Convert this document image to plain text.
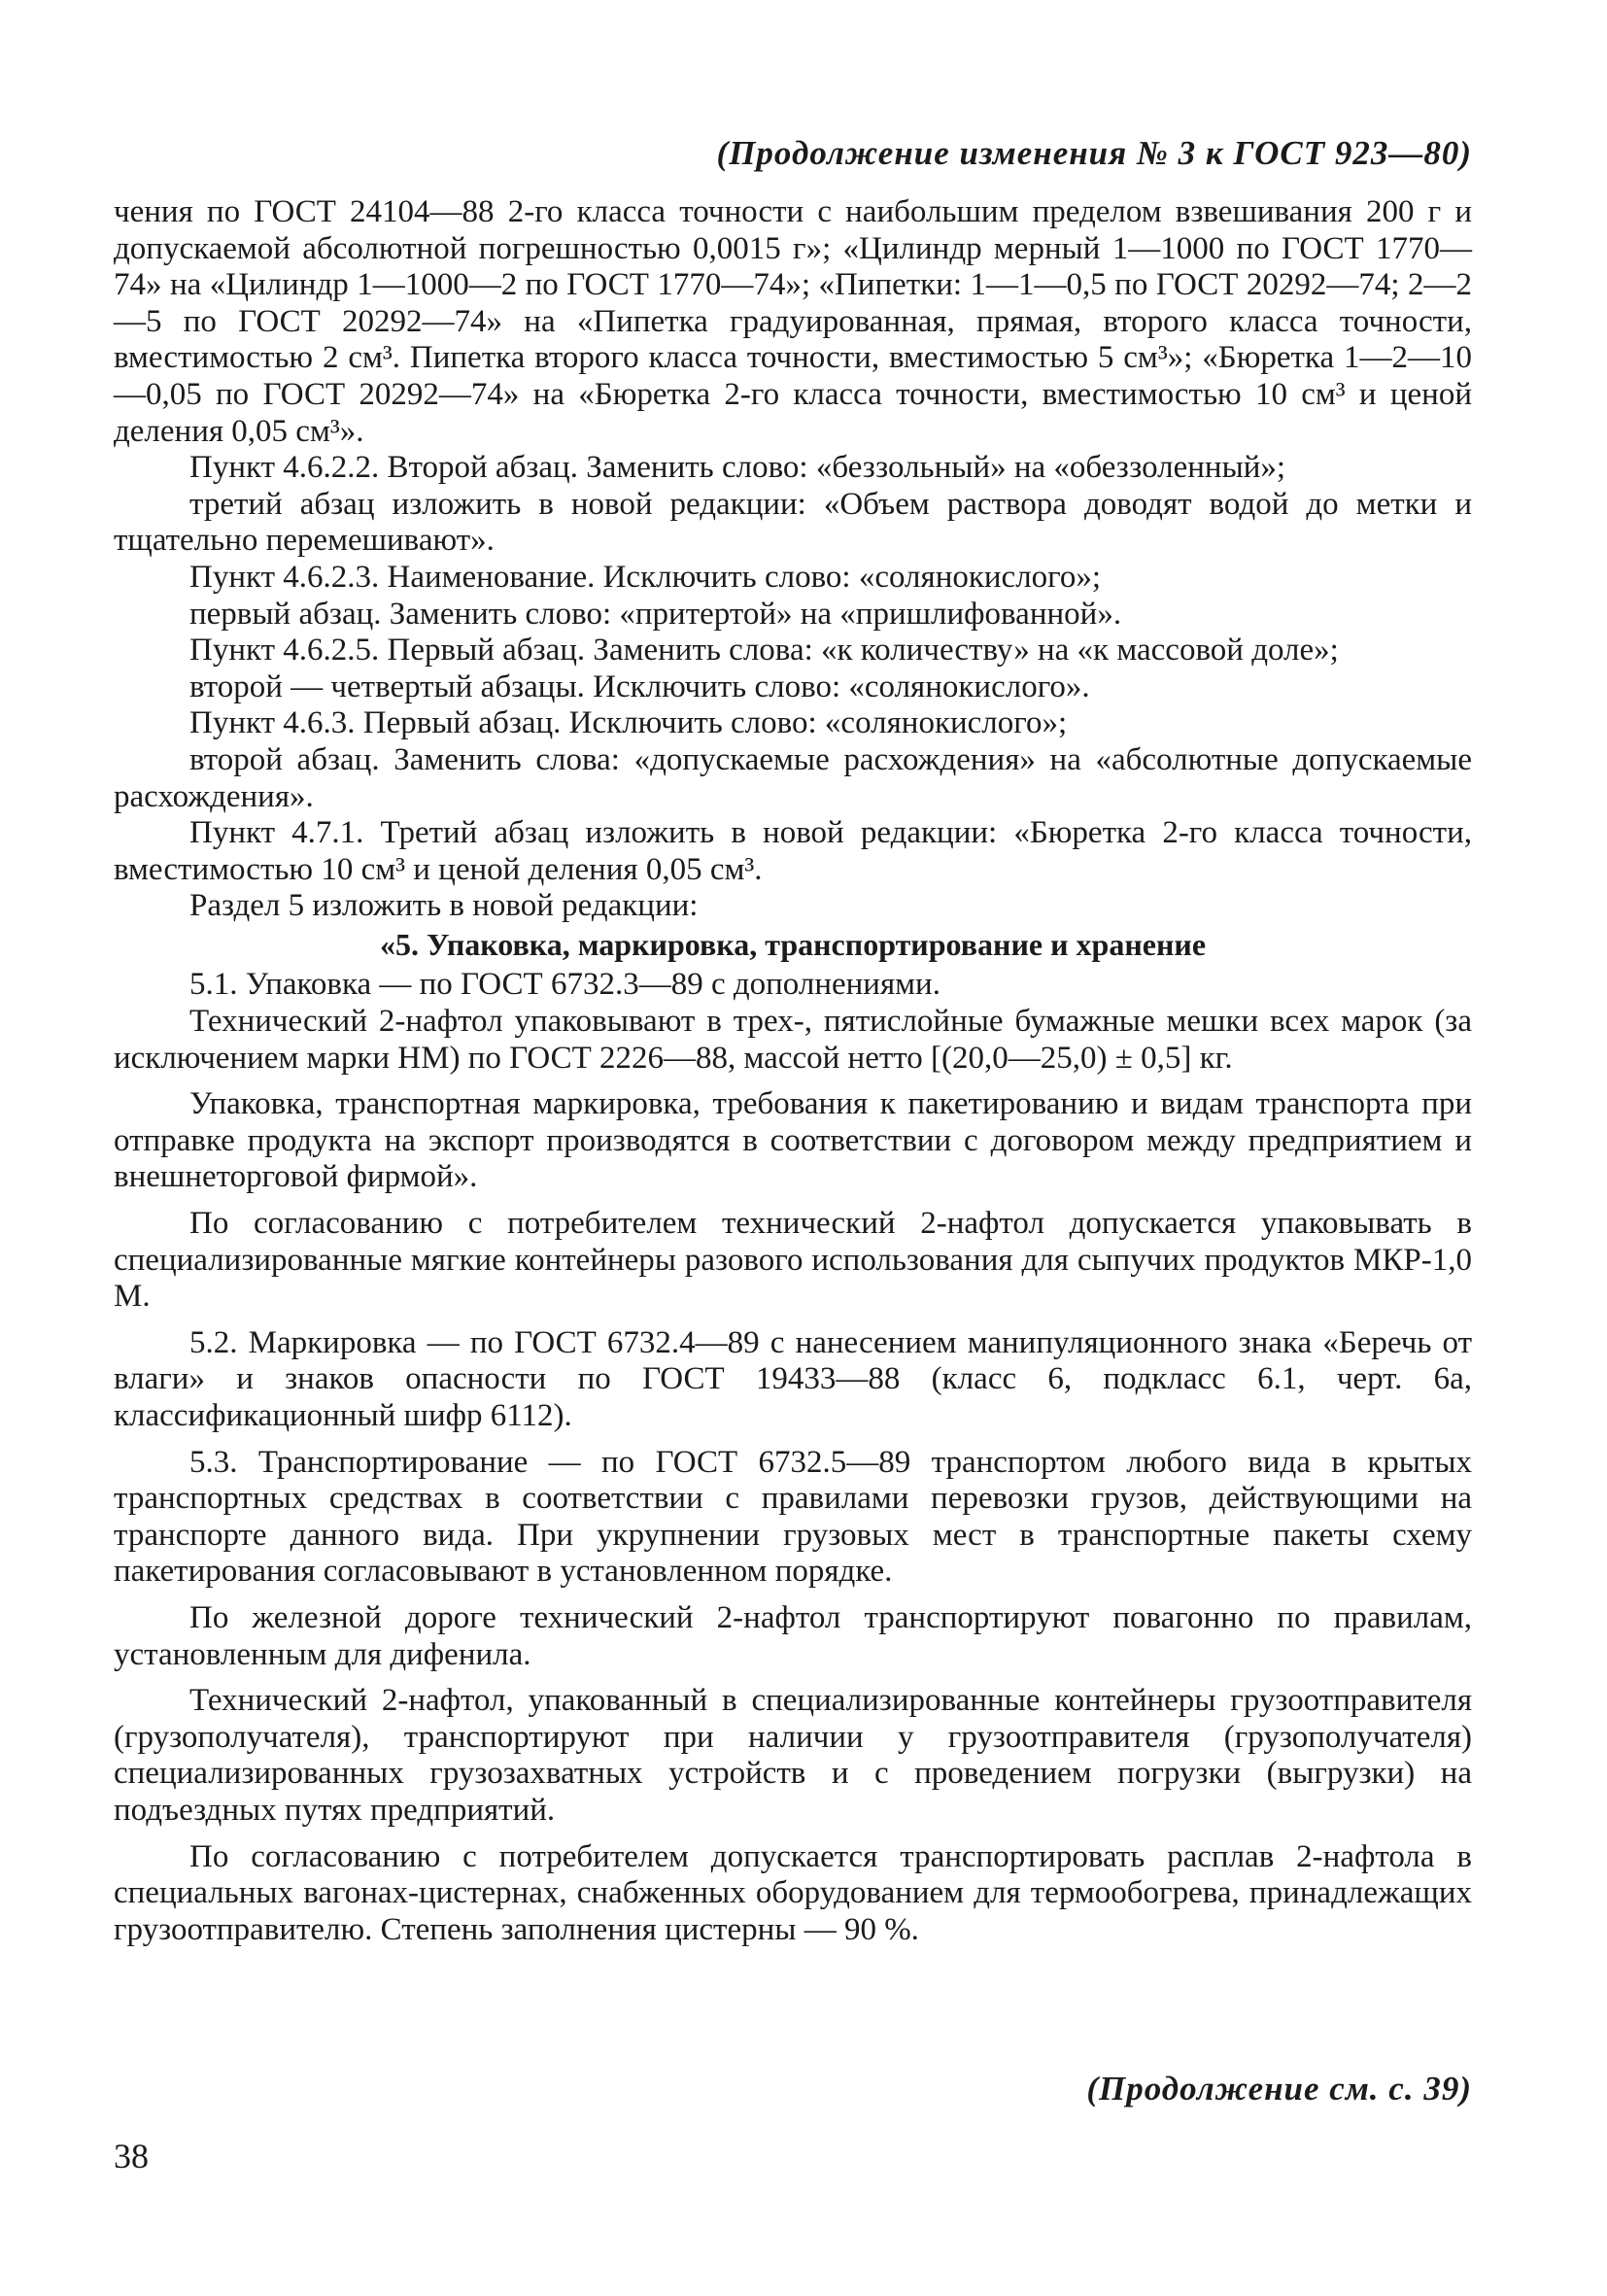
(Продолжение изменения № 3 к ГОСТ 923—80)

чения по ГОСТ 24104—88 2-го класса точности с наибольшим пределом взвешивания 200 г и допускаемой абсолютной погрешностью 0,0015 г»; «Цилиндр мерный 1—1000 по ГОСТ 1770—74» на «Цилиндр 1—1000—2 по ГОСТ 1770—74»; «Пипетки: 1—1—0,5 по ГОСТ 20292—74; 2—2—5 по ГОСТ 20292—74» на «Пипетка градуированная, прямая, второго класса точности, вместимостью 2 см³. Пипетка второго класса точности, вместимостью 5 см³»; «Бюретка 1—2—10—0,05 по ГОСТ 20292—74» на «Бюретка 2-го класса точности, вместимостью 10 см³ и ценой деления 0,05 см³».

Пункт 4.6.2.2. Второй абзац. Заменить слово: «беззольный» на «обеззоленный»;

третий абзац изложить в новой редакции: «Объем раствора доводят водой до метки и тщательно перемешивают».

Пункт 4.6.2.3. Наименование. Исключить слово: «солянокислого»;

первый абзац. Заменить слово: «притертой» на «пришлифованной».

Пункт 4.6.2.5. Первый абзац. Заменить слова: «к количеству» на «к массовой доле»;

второй — четвертый абзацы. Исключить слово: «солянокислого».

Пункт 4.6.3. Первый абзац. Исключить слово: «солянокислого»;

второй абзац. Заменить слова: «допускаемые расхождения» на «абсолютные допускаемые расхождения».

Пункт 4.7.1. Третий абзац изложить в новой редакции: «Бюретка 2-го класса точности, вместимостью 10 см³ и ценой деления 0,05 см³.

Раздел 5 изложить в новой редакции:

«5. Упаковка, маркировка, транспортирование и хранение

5.1. Упаковка — по ГОСТ 6732.3—89 с дополнениями.

Технический 2-нафтол упаковывают в трех-, пятислойные бумажные мешки всех марок (за исключением марки НМ) по ГОСТ 2226—88, массой нетто [(20,0—25,0) ± 0,5] кг.

Упаковка, транспортная маркировка, требования к пакетированию и видам транспорта при отправке продукта на экспорт производятся в соответствии с договором между предприятием и внешнеторговой фирмой».

По согласованию с потребителем технический 2-нафтол допускается упаковывать в специализированные мягкие контейнеры разового использования для сыпучих продуктов МКР-1,0 М.

5.2. Маркировка — по ГОСТ 6732.4—89 с нанесением манипуляционного знака «Беречь от влаги» и знаков опасности по ГОСТ 19433—88 (класс 6, подкласс 6.1, черт. 6а, классификационный шифр 6112).

5.3. Транспортирование — по ГОСТ 6732.5—89 транспортом любого вида в крытых транспортных средствах в соответствии с правилами перевозки грузов, действующими на транспорте данного вида. При укрупнении грузовых мест в транспортные пакеты схему пакетирования согласовывают в установленном порядке.

По железной дороге технический 2-нафтол транспортируют повагонно по правилам, установленным для дифенила.

Технический 2-нафтол, упакованный в специализированные контейнеры грузоотправителя (грузополучателя), транспортируют при наличии у грузоотправителя (грузополучателя) специализированных грузозахватных устройств и с проведением погрузки (выгрузки) на подъездных путях предприятий.

По согласованию с потребителем допускается транспортировать расплав 2-нафтола в специальных вагонах-цистернах, снабженных оборудованием для термообогрева, принадлежащих грузоотправителю. Степень заполнения цистерны — 90 %.

(Продолжение см. с. 39)
38
